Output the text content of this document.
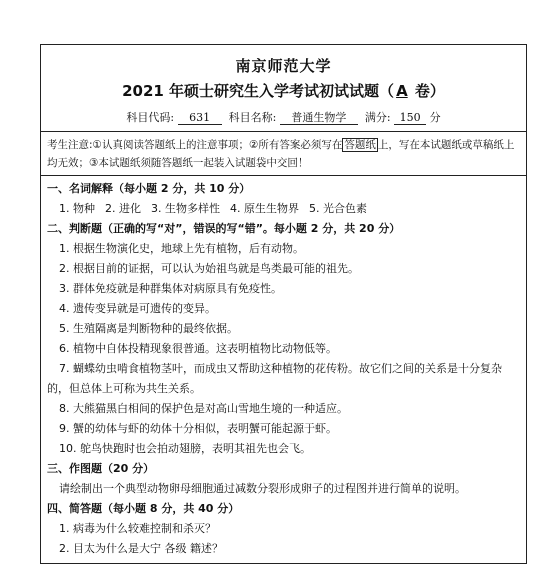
南京师范大学
2021 年硕士研究生入学考试初试试题（ A 卷）
科目代码: 631 科目名称: 普通生物学 满分: 150 分
考生注意:①认真阅读答题纸上的注意事项；②所有答案必须写在 答题纸 上，写在本试题纸或草稿纸上均无效；③本试题纸须随答题纸一起装入试题袋中交回！
一、名词解释（每小题 2 分，共 10 分）
1. 物种 2. 进化 3. 生物多样性 4. 原生生物界 5. 光合色素
二、判断题（正确的写“对”，错误的写“错”。每小题 2 分，共 20 分）
1. 根据生物演化史，地球上先有植物，后有动物。
2. 根据目前的证据，可以认为始祖鸟就是鸟类最可能的祖先。
3. 群体免疫就是种群集体对病原具有免疫性。
4. 遗传变异就是可遗传的变异。
5. 生殖隔离是判断物种的最终依据。
6. 植物中自体投精现象很普通。这表明植物比动物低等。
7. 蝴蝶幼虫啃食植物茎叶，而成虫又帮助这种植物的花传粉。故它们之间的关系是十分复杂的，但总体上可称为共生关系。
8. 大熊猫黑白相间的保护色是对高山雪地生境的一种适应。
9. 蟹的幼体与虾的幼体十分相似，表明蟹可能起源于虾。
10. 鸵鸟快跑时也会拍动翅膀，表明其祖先也会飞。
三、作图题（20 分）
请绘制出一个典型动物卵母细胞通过减数分裂形成卵子的过程图并进行简单的说明。
四、简答题（每小题 8 分，共 40 分）
1. 病毒为什么较难控制和杀灭？
2. 目太为什么是大宁 各级 籍述？
